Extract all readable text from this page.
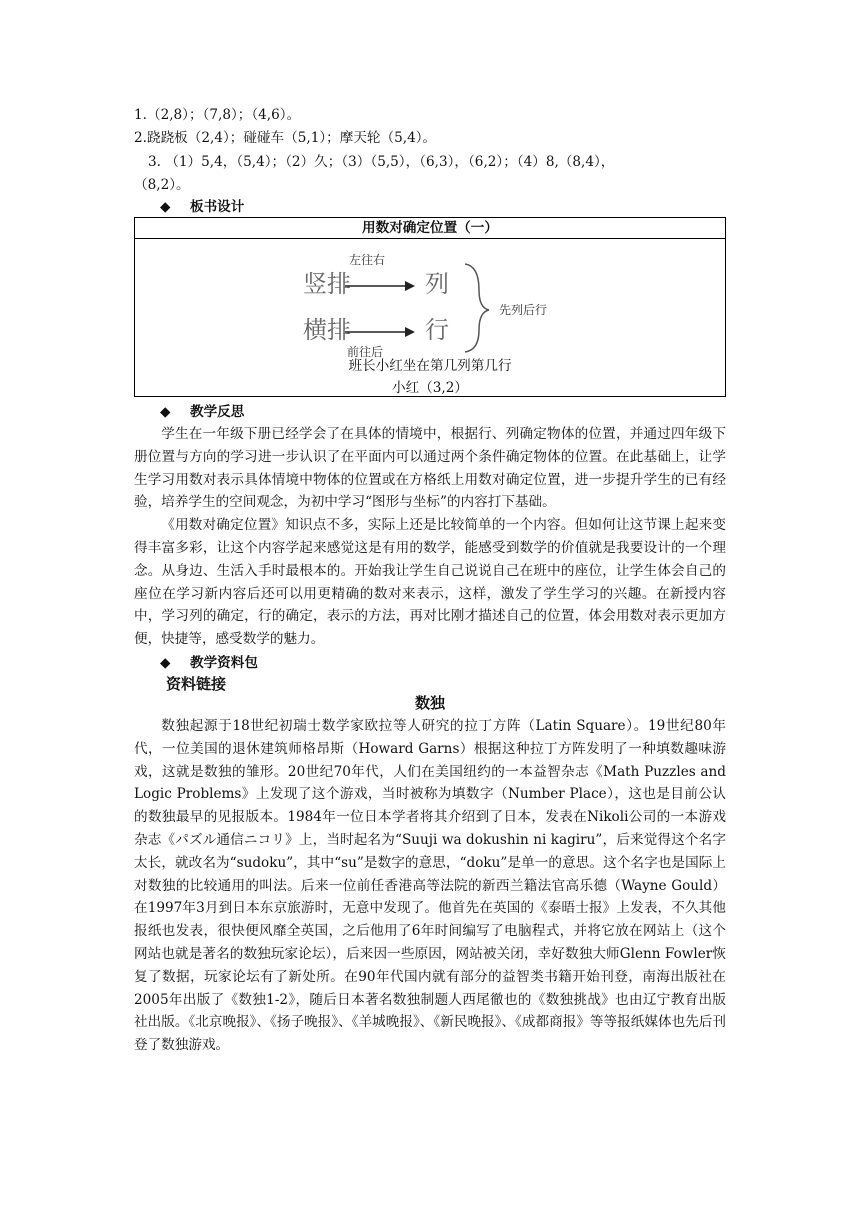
1.（2,8）；（7,8）；（4,6）。
2.跷跷板（2,4）；碰碰车（5,1）；摩天轮（5,4）。
3. （1）5,4，（5,4）；（2）久；（3）（5,5），（6,3），（6,2）；（4）8,（8,4），
（8,2）。
◆ 板书设计
用数对确定位置（一）
竖排
左往右
列
横排	行
前往后
先列后行
班长小红坐在第几列第几行
小红（3,2）
◆ 教学反思

学生在一年级下册已经学会了在具体的情境中，根据行、列确定物体的位置，并通过四年级下册位置与方向的学习进一步认识了在平面内可以通过两个条件确定物体的位置。在此基础上，让学生学习用数对表示具体情境中物体的位置或在方格纸上用数对确定位置，进一步提升学生的已有经验，培养学生的空间观念，为初中学习“图形与坐标”的内容打下基础。

《用数对确定位置》知识点不多，实际上还是比较简单的一个内容。但如何让这节课上起来变得丰富多彩，让这个内容学起来感觉这是有用的数学，能感受到数学的价值就是我要设计的一个理念。从身边、生活入手时最根本的。开始我让学生自己说说自己在班中的座位，让学生体会自己的座位在学习新内容后还可以用更精确的数对来表示，这样，激发了学生学习的兴趣。在新授内容中，学习列的确定，行的确定，表示的方法，再对比刚才描述自己的位置，体会用数对表示更加方便，快捷等，感受数学的魅力。

◆ 教学资料包
资料链接
数独

数独起源于18世纪初瑞士数学家欧拉等人研究的拉丁方阵（Latin Square）。19世纪80年代，一位美国的退休建筑师格昂斯（Howard Garns）根据这种拉丁方阵发明了一种填数趣味游戏，这就是数独的雏形。20世纪70年代，人们在美国纽约的一本益智杂志《Math Puzzles and Logic Problems》上发现了这个游戏，当时被称为填数字（Number Place），这也是目前公认的数独最早的见报版本。1984年一位日本学者将其介绍到了日本，发表在Nikoli公司的一本游戏杂志《パズル通信ニコリ》上，当时起名为“Suuji wa dokushin ni kagiru”，后来觉得这个名字太长，就改名为“sudoku”，其中“su”是数字的意思，“doku”是单一的意思。这个名字也是国际上对数独的比较通用的叫法。后来一位前任香港高等法院的新西兰籍法官高乐德（Wayne Gould）在1997年3月到日本东京旅游时，无意中发现了。他首先在英国的《泰晤士报》上发表，不久其他报纸也发表，很快便风靡全英国，之后他用了6年时间编写了电脑程式，并将它放在网站上（这个网站也就是著名的数独玩家论坛），后来因一些原因，网站被关闭，幸好数独大师Glenn Fowler恢复了数据，玩家论坛有了新处所。在90年代国内就有部分的益智类书籍开始刊登，南海出版社在2005年出版了《数独1-2》，随后日本著名数独制题人西尾徹也的《数独挑战》也由辽宁教育出版社出版。《北京晚报》、《扬子晚报》、《羊城晚报》、《新民晚报》、《成都商报》等等报纸媒体也先后刊登了数独游戏。
